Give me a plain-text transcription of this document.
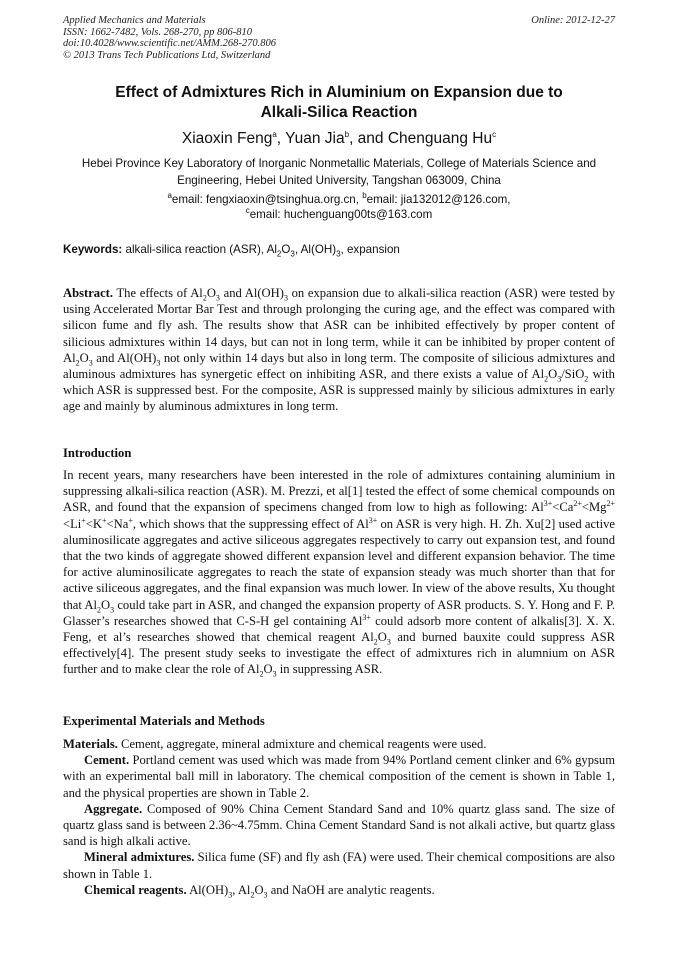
Applied Mechanics and Materials
ISSN: 1662-7482, Vols. 268-270, pp 806-810
doi:10.4028/www.scientific.net/AMM.268-270.806
© 2013 Trans Tech Publications Ltd, Switzerland
Online: 2012-12-27
Effect of Admixtures Rich in Aluminium on Expansion due to
Alkali-Silica Reaction
Xiaoxin Feng$^a$, Yuan Jia$^b$, and Chenguang Hu$^c$
Hebei Province Key Laboratory of Inorganic Nonmetallic Materials, College of Materials Science and
Engineering, Hebei United University, Tangshan 063009, China
$^a$email: fengxiaoxin@tsinghua.org.cn, $^b$email: jia132012@126.com,
$^c$email: huchenguang00ts@163.com
Keywords: alkali-silica reaction (ASR), $Al_2O_3$, $Al(OH)_3$, expansion
Abstract. The effects of $Al_2O_3$ and $Al(OH)_3$ on expansion due to alkali-silica reaction (ASR) were tested by using Accelerated Mortar Bar Test and through prolonging the curing age, and the effect was compared with silicon fume and fly ash. The results show that ASR can be inhibited effectively by proper content of silicious admixtures within 14 days, but can not in long term, while it can be inhibited by proper content of $Al_2O_3$ and $Al(OH)_3$ not only within 14 days but also in long term. The composite of silicious admixtures and aluminous admixtures has synergetic effect on inhibiting ASR, and there exists a value of $Al_2O_3/SiO_2$ with which ASR is suppressed best. For the composite, ASR is suppressed mainly by silicious admixtures in early age and mainly by aluminous admixtures in long term.
Introduction
In recent years, many researchers have been interested in the role of admixtures containing aluminium in suppressing alkali-silica reaction (ASR). M. Prezzi, et al[1] tested the effect of some chemical compounds on ASR, and found that the expansion of specimens changed from low to high as following: $Al^{3+}<Ca^{2+}<Mg^{2+}<Li^+<K^+<Na^+$, which shows that the suppressing effect of $Al^{3+}$ on ASR is very high. H. Zh. Xu[2] used active aluminosilicate aggregates and active siliceous aggregates respectively to carry out expansion test, and found that the two kinds of aggregate showed different expansion level and different expansion behavior. The time for active aluminosilicate aggregates to reach the state of expansion steady was much shorter than that for active siliceous aggregates, and the final expansion was much lower. In view of the above results, Xu thought that $Al_2O_3$ could take part in ASR, and changed the expansion property of ASR products. S. Y. Hong and F. P. Glasser’s researches showed that C-S-H gel containing $Al^{3+}$ could adsorb more content of alkalis[3]. X. X. Feng, et al’s researches showed that chemical reagent $Al_2O_3$ and burned bauxite could suppress ASR effectively[4]. The present study seeks to investigate the effect of admixtures rich in alumnium on ASR further and to make clear the role of $Al_2O_3$ in suppressing ASR.
Experimental Materials and Methods

Materials. Cement, aggregate, mineral admixture and chemical reagents were used.

Cement. Portland cement was used which was made from 94% Portland cement clinker and 6% gypsum with an experimental ball mill in laboratory. The chemical composition of the cement is shown in Table 1, and the physical properties are shown in Table 2.

Aggregate. Composed of 90% China Cement Standard Sand and 10% quartz glass sand. The size of quartz glass sand is between 2.36~4.75mm. China Cement Standard Sand is not alkali active, but quartz glass sand is high alkali active.

Mineral admixtures. Silica fume (SF) and fly ash (FA) were used. Their chemical compositions are also shown in Table 1.

Chemical reagents. $Al(OH)_3$, $Al_2O_3$ and NaOH are analytic reagents.
